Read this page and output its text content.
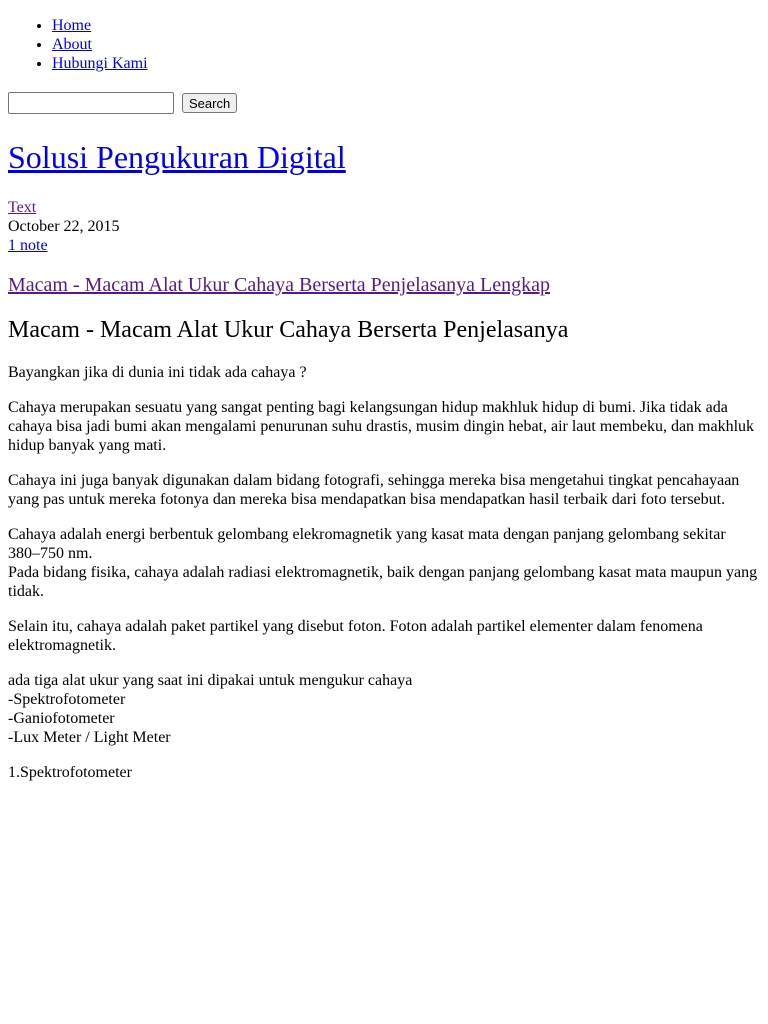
• Home
• About
• Hubungi Kami
Search
Solusi Pengukuran Digital
Text
October 22, 2015
1 note
Macam - Macam Alat Ukur Cahaya Berserta Penjelasanya Lengkap
Macam - Macam Alat Ukur Cahaya Berserta Penjelasanya

Bayangkan jika di dunia ini tidak ada cahaya ?

Cahaya merupakan sesuatu yang sangat penting bagi kelangsungan hidup makhluk hidup di bumi. Jika tidak ada cahaya bisa jadi bumi akan mengalami penurunan suhu drastis, musim dingin hebat, air laut membeku, dan makhluk hidup banyak yang mati.

Cahaya ini juga banyak digunakan dalam bidang fotografi, sehingga mereka bisa mengetahui tingkat pencahayaan yang pas untuk mereka fotonya dan mereka bisa mendapatkan bisa mendapatkan hasil terbaik dari foto tersebut.

Cahaya adalah energi berbentuk gelombang elekromagnetik yang kasat mata dengan panjang gelombang sekitar 380–750 nm.
Pada bidang fisika, cahaya adalah radiasi elektromagnetik, baik dengan panjang gelombang kasat mata maupun yang tidak.

Selain itu, cahaya adalah paket partikel yang disebut foton. Foton adalah partikel elementer dalam fenomena elektromagnetik.

ada tiga alat ukur yang saat ini dipakai untuk mengukur cahaya
-Spektrofotometer
-Ganiofotometer
-Lux Meter / Light Meter

1.Spektrofotometer
